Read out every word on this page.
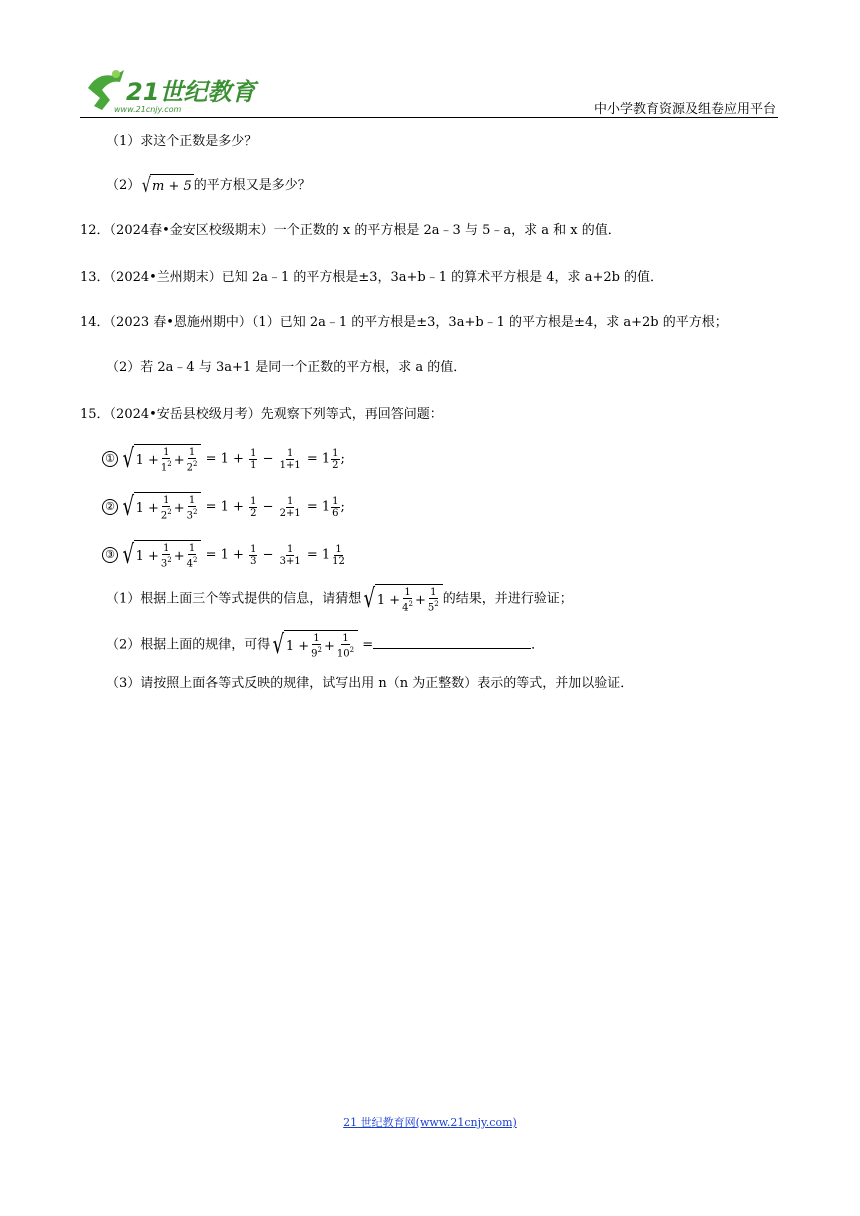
21世纪教育
www.21cnjy.com	中小学教育资源及组卷应用平台
（1）求这个正数是多少？
（2） √ m + 5 的平方根又是多少？
12．（2024春•金安区校级期末）一个正数的 x 的平方根是 2a﹣3 与 5﹣a，求 a 和 x 的值．
13．（2024•兰州期末）已知 2a﹣1 的平方根是±3，3a+b﹣1 的算术平方根是 4，求 a+2b 的值．
14．（2023 春•恩施州期中）（1）已知 2a﹣1 的平方根是±3，3a+b﹣1 的平方根是±4，求 a+2b 的平方根；
（2）若 2a﹣4 与 3a+1 是同一个正数的平方根，求 a 的值．
15．（2024•安岳县校级月考）先观察下列等式，再回答问题：
① √ $1 + \frac{1}{1^2} + \frac{1}{2^2} = 1 + \frac{1}{1} - \frac{1}{1+1} = 1 \frac{1}{2}$ ;
② √ $1 + \frac{1}{2^2} + \frac{1}{3^2} = 1 + \frac{1}{2} - \frac{1}{2+1} = 1 \frac{1}{6}$ ;
③ √ $1 + \frac{1}{3^2} + \frac{1}{4^2} = 1 + \frac{1}{3} - \frac{1}{3+1} = 1 \frac{1}{12}$
（1）根据上面三个等式提供的信息，请猜想 √ $1 + \frac{1}{4^2} + \frac{1}{5^2}$ 的结果，并进行验证；
（2）根据上面的规律，可得 √ $1 + \frac{1}{9^2} + \frac{1}{10^2}$ =	．
（3）请按照上面各等式反映的规律，试写出用 n（n 为正整数）表示的等式，并加以验证．
21 世纪教育网(www.21cnjy.com)
